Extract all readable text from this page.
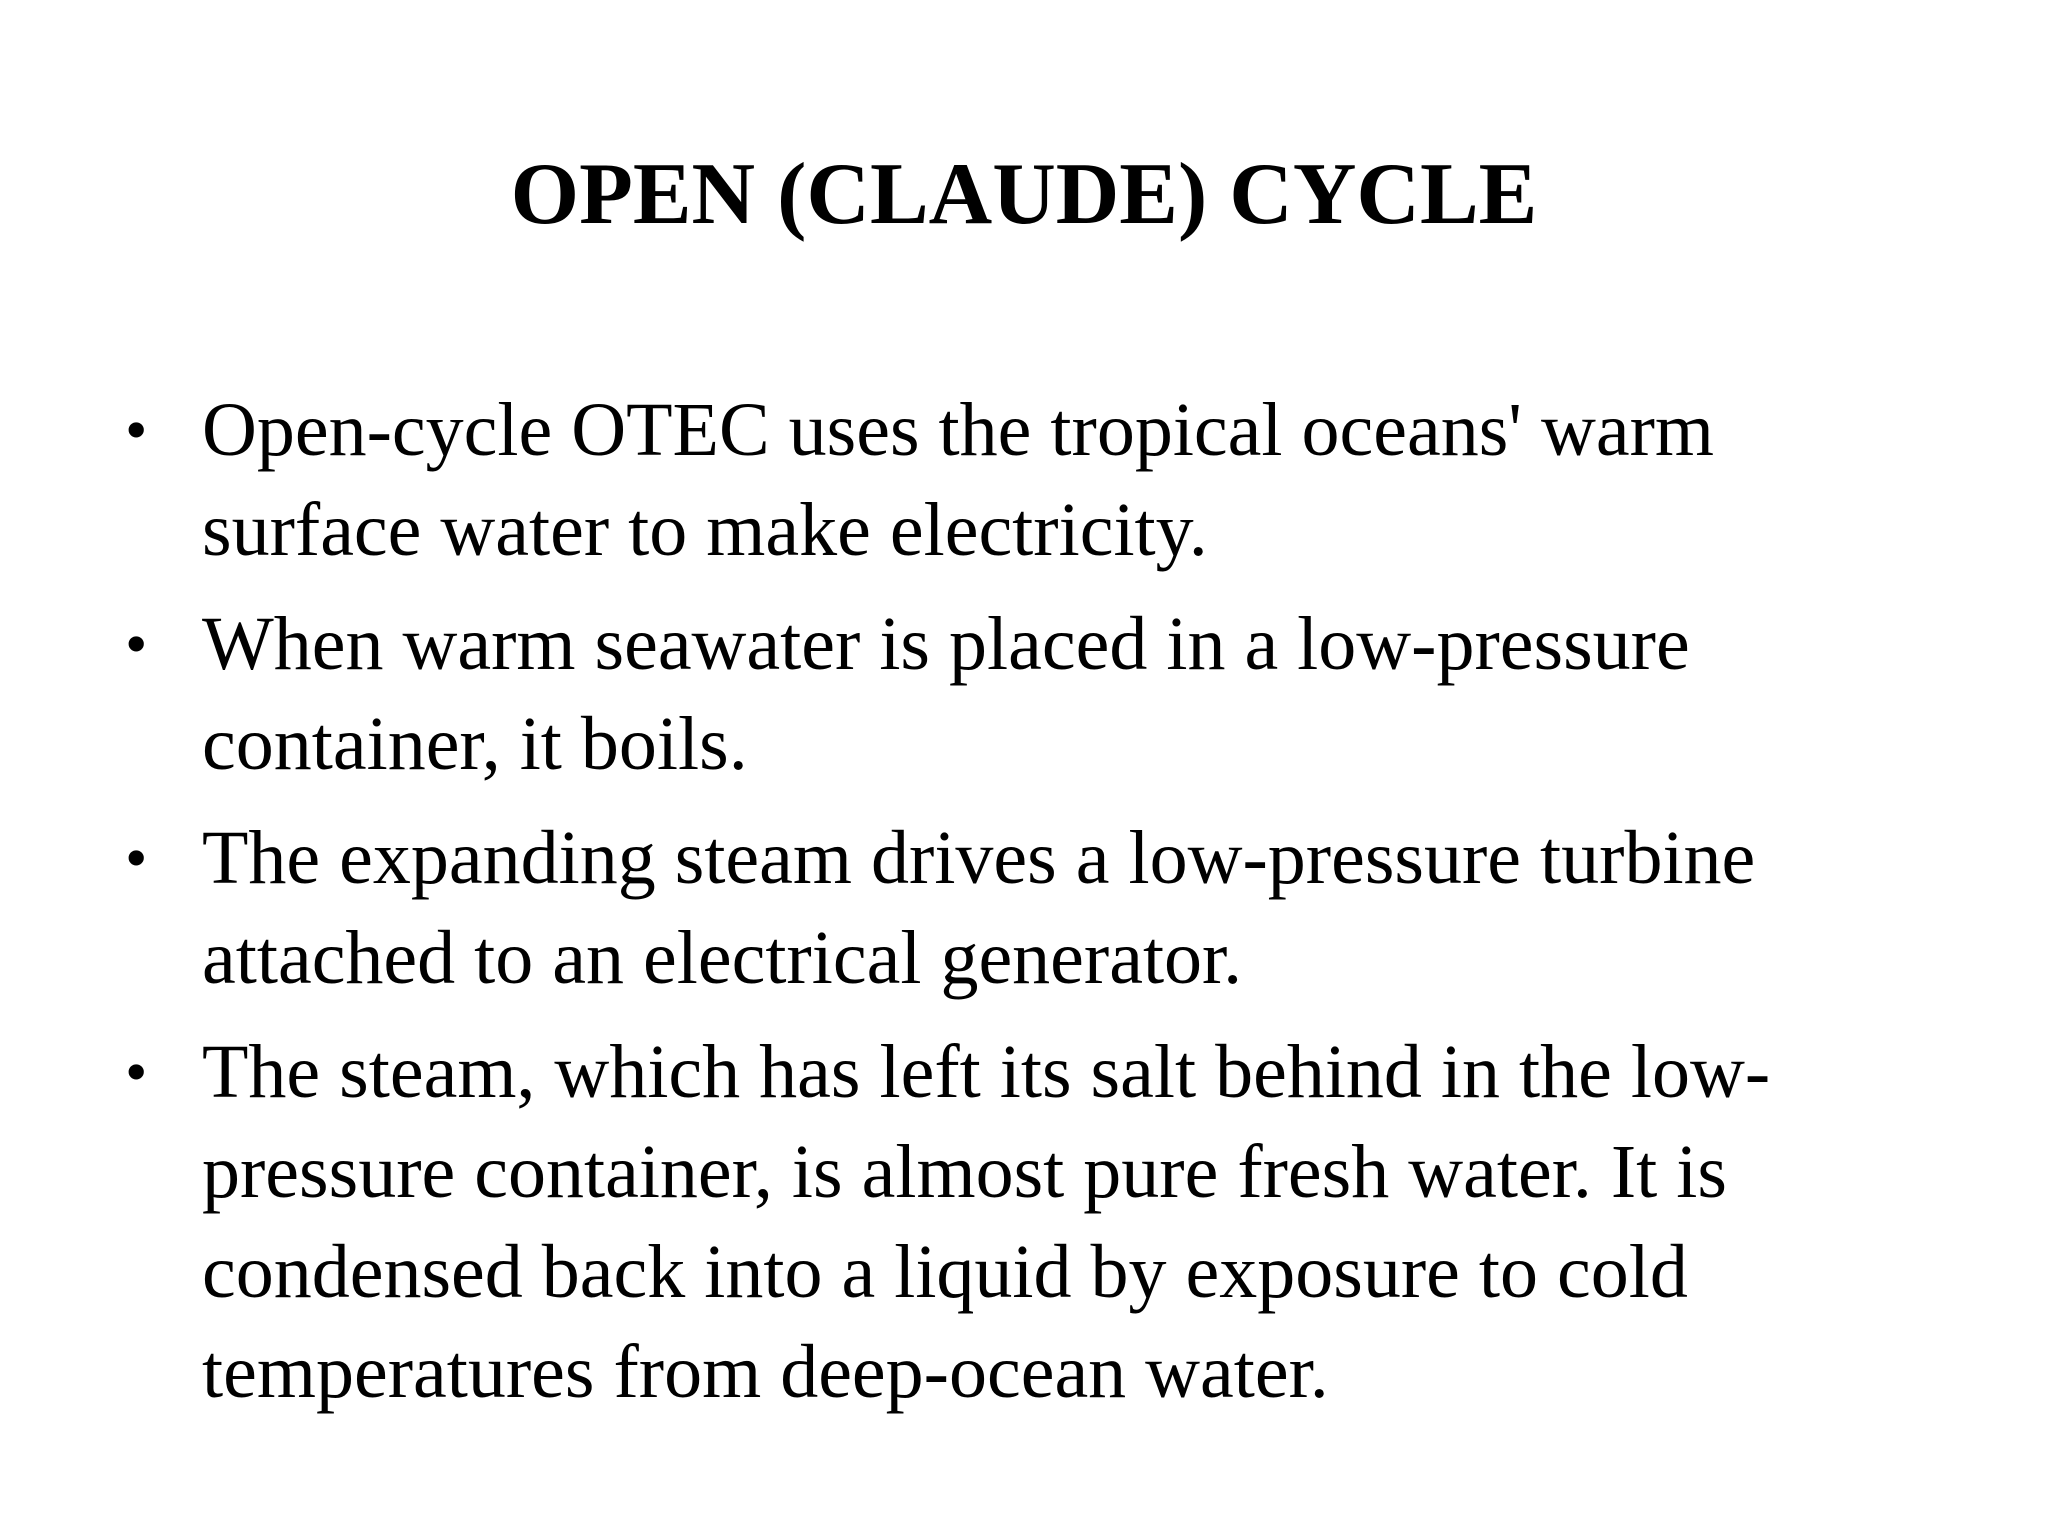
OPEN (CLAUDE) CYCLE
• Open-cycle OTEC uses the tropical oceans' warm
surface water to make electricity.
• When warm seawater is placed in a low-pressure
container, it boils.
• The expanding steam drives a low-pressure turbine
attached to an electrical generator.
• The steam, which has left its salt behind in the low-
pressure container, is almost pure fresh water. It is
condensed back into a liquid by exposure to cold
temperatures from deep-ocean water.
